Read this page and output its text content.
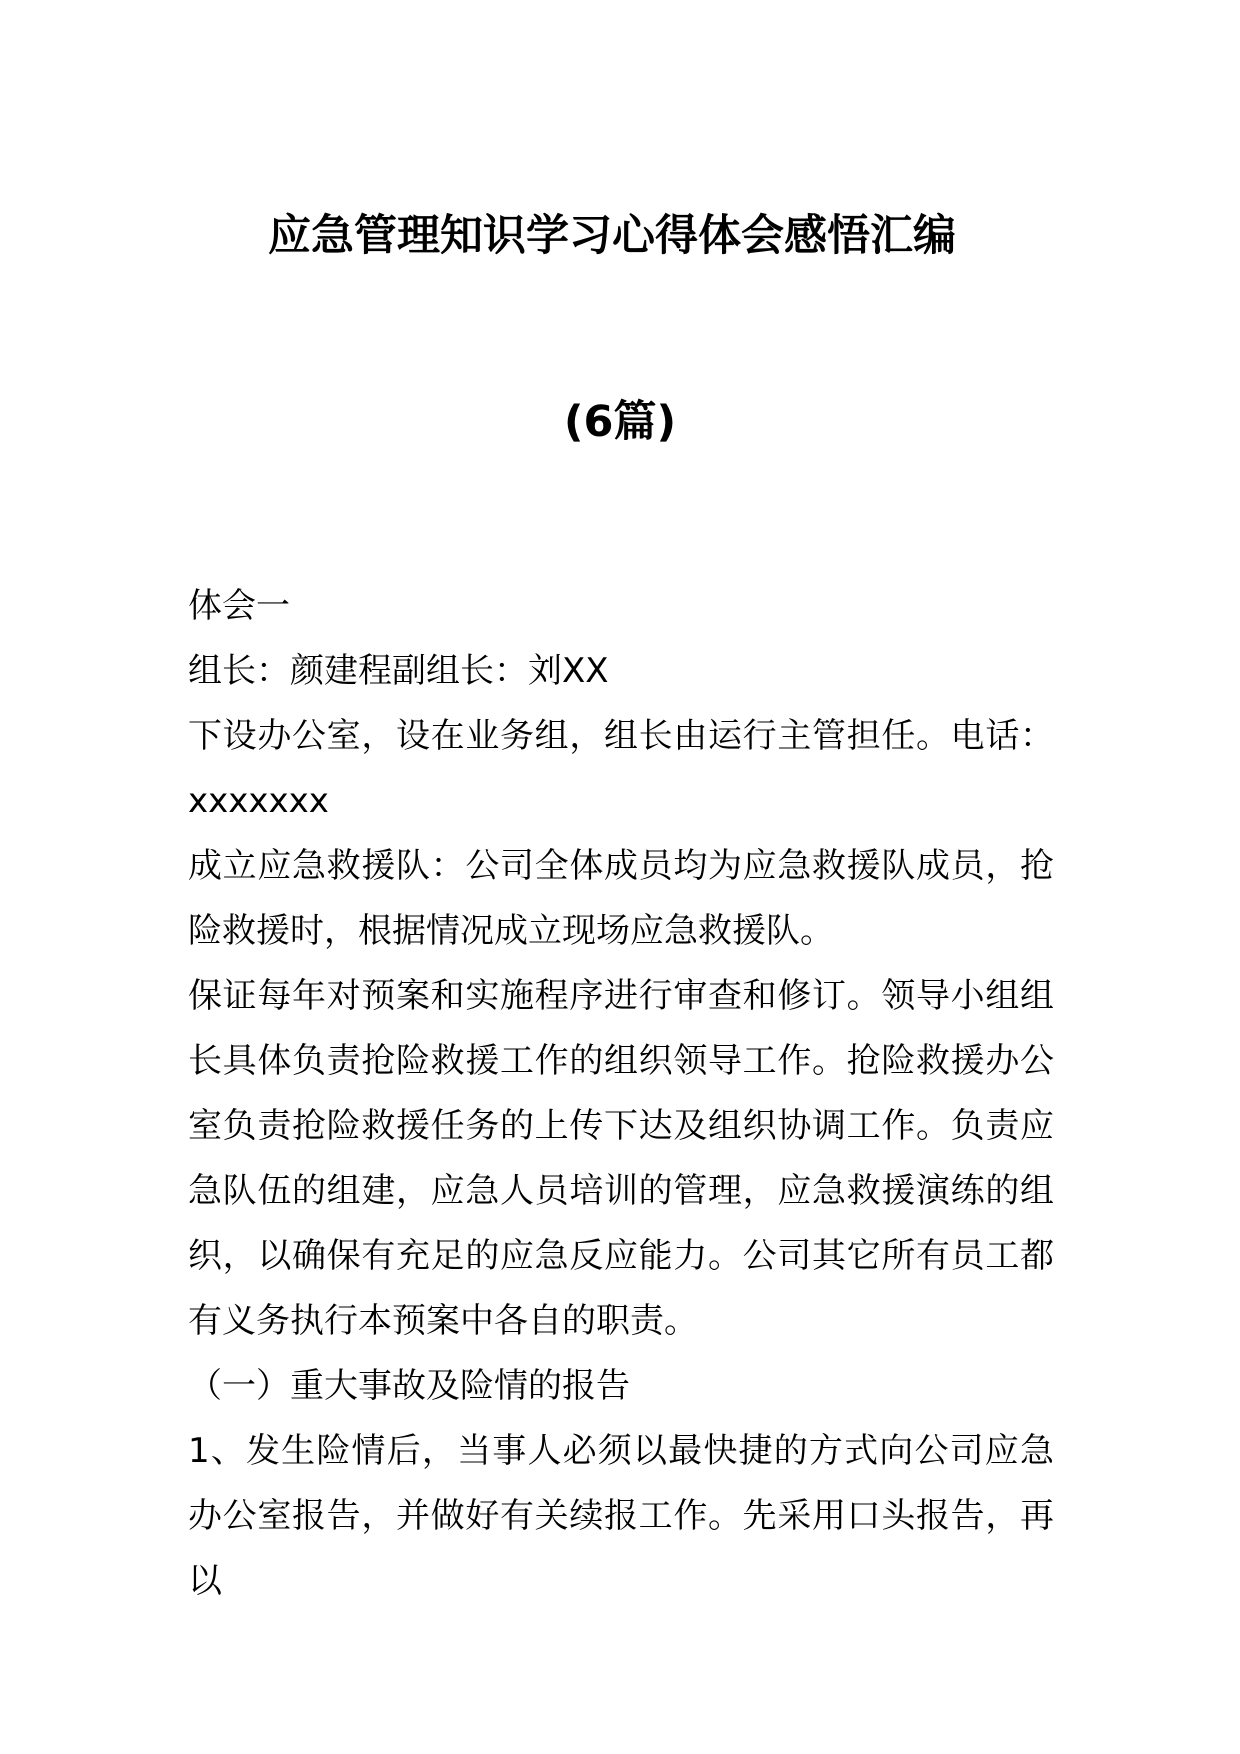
应急管理知识学习心得体会感悟汇编
(6篇)

体会一

组长：颜建程副组长：刘XX

下设办公室，设在业务组，组长由运行主管担任。电话：xxxxxxx

成立应急救援队：公司全体成员均为应急救援队成员，抢险救援时，根据情况成立现场应急救援队。

保证每年对预案和实施程序进行审查和修订。领导小组组长具体负责抢险救援工作的组织领导工作。抢险救援办公室负责抢险救援任务的上传下达及组织协调工作。负责应急队伍的组建，应急人员培训的管理，应急救援演练的组织，以确保有充足的应急反应能力。公司其它所有员工都有义务执行本预案中各自的职责。

（一）重大事故及险情的报告

1、发生险情后，当事人必须以最快捷的方式向公司应急办公室报告，并做好有关续报工作。先采用口头报告，再以
